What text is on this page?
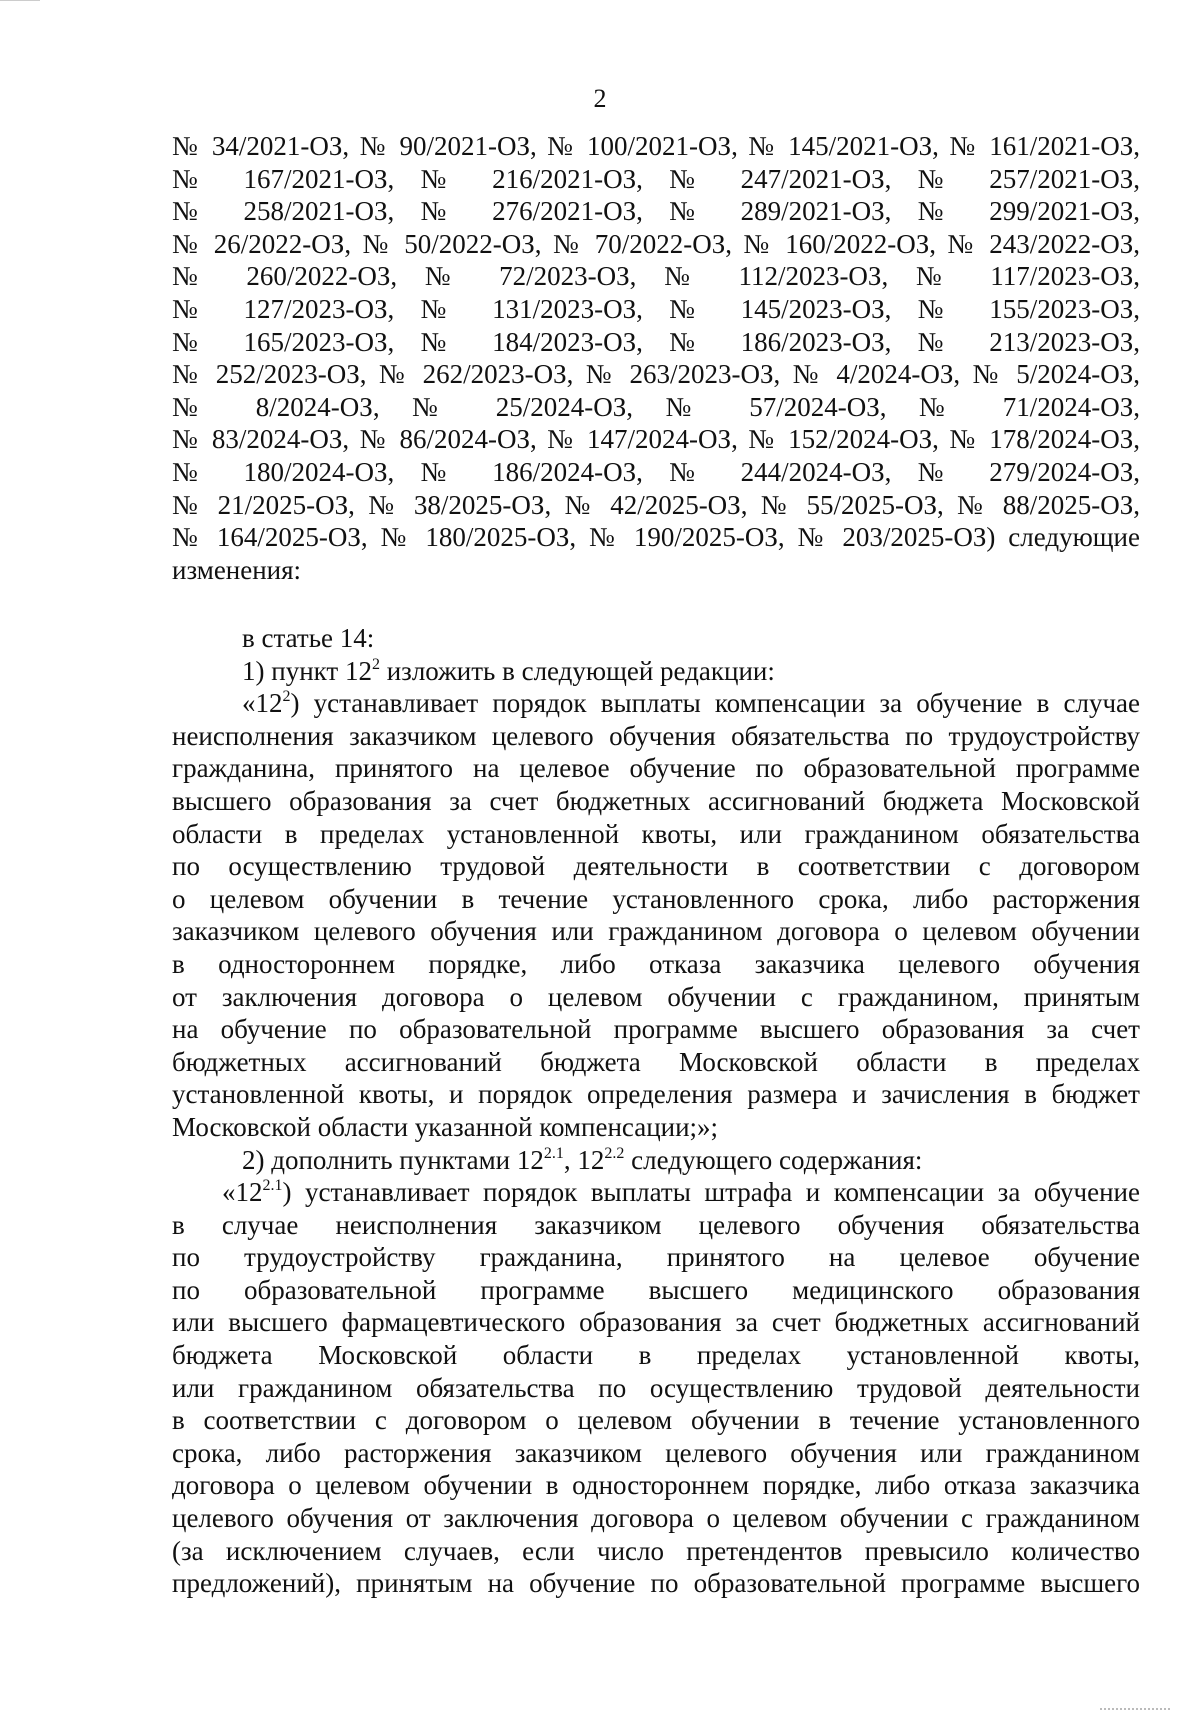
2
№ 34/2021-ОЗ, № 90/2021-ОЗ, № 100/2021-ОЗ, № 145/2021-ОЗ, № 161/2021-ОЗ,
№ 167/2021-ОЗ, № 216/2021-ОЗ, № 247/2021-ОЗ, № 257/2021-ОЗ,
№ 258/2021-ОЗ, № 276/2021-ОЗ, № 289/2021-ОЗ, № 299/2021-ОЗ,
№ 26/2022-ОЗ, № 50/2022-ОЗ, № 70/2022-ОЗ, № 160/2022-ОЗ, № 243/2022-ОЗ,
№ 260/2022-ОЗ, № 72/2023-ОЗ, № 112/2023-ОЗ, № 117/2023-ОЗ,
№ 127/2023-ОЗ, № 131/2023-ОЗ, № 145/2023-ОЗ, № 155/2023-ОЗ,
№ 165/2023-ОЗ, № 184/2023-ОЗ, № 186/2023-ОЗ, № 213/2023-ОЗ,
№ 252/2023-ОЗ, № 262/2023-ОЗ, № 263/2023-ОЗ, № 4/2024-ОЗ, № 5/2024-ОЗ,
№ 8/2024-ОЗ, № 25/2024-ОЗ, № 57/2024-ОЗ, № 71/2024-ОЗ,
№ 83/2024-ОЗ, № 86/2024-ОЗ, № 147/2024-ОЗ, № 152/2024-ОЗ, № 178/2024-ОЗ,
№ 180/2024-ОЗ, № 186/2024-ОЗ, № 244/2024-ОЗ, № 279/2024-ОЗ,
№ 21/2025-ОЗ, № 38/2025-ОЗ, № 42/2025-ОЗ, № 55/2025-ОЗ, № 88/2025-ОЗ,
№ 164/2025-ОЗ, № 180/2025-ОЗ, № 190/2025-ОЗ, № 203/2025-ОЗ) следующие
изменения:
в статье 14:
1) пункт $12^2$ изложить в следующей редакции:
«$12^2$) устанавливает порядок выплаты компенсации за обучение в случае
неисполнения заказчиком целевого обучения обязательства по трудоустройству
гражданина, принятого на целевое обучение по образовательной программе
высшего образования за счет бюджетных ассигнований бюджета Московской
области в пределах установленной квоты, или гражданином обязательства
по осуществлению трудовой деятельности в соответствии с договором
о целевом обучении в течение установленного срока, либо расторжения
заказчиком целевого обучения или гражданином договора о целевом обучении
в одностороннем порядке, либо отказа заказчика целевого обучения
от заключения договора о целевом обучении с гражданином, принятым
на обучение по образовательной программе высшего образования за счет
бюджетных ассигнований бюджета Московской области в пределах
установленной квоты, и порядок определения размера и зачисления в бюджет
Московской области указанной компенсации;»;
2) дополнить пунктами $12^{2.1}$, $12^{2.2}$ следующего содержания:
«$12^{2.1}$) устанавливает порядок выплаты штрафа и компенсации за обучение
в случае неисполнения заказчиком целевого обучения обязательства
по трудоустройству гражданина, принятого на целевое обучение
по образовательной программе высшего медицинского образования
или высшего фармацевтического образования за счет бюджетных ассигнований
бюджета Московской области в пределах установленной квоты,
или гражданином обязательства по осуществлению трудовой деятельности
в соответствии с договором о целевом обучении в течение установленного
срока, либо расторжения заказчиком целевого обучения или гражданином
договора о целевом обучении в одностороннем порядке, либо отказа заказчика
целевого обучения от заключения договора о целевом обучении с гражданином
(за исключением случаев, если число претендентов превысило количество
предложений), принятым на обучение по образовательной программе высшего
